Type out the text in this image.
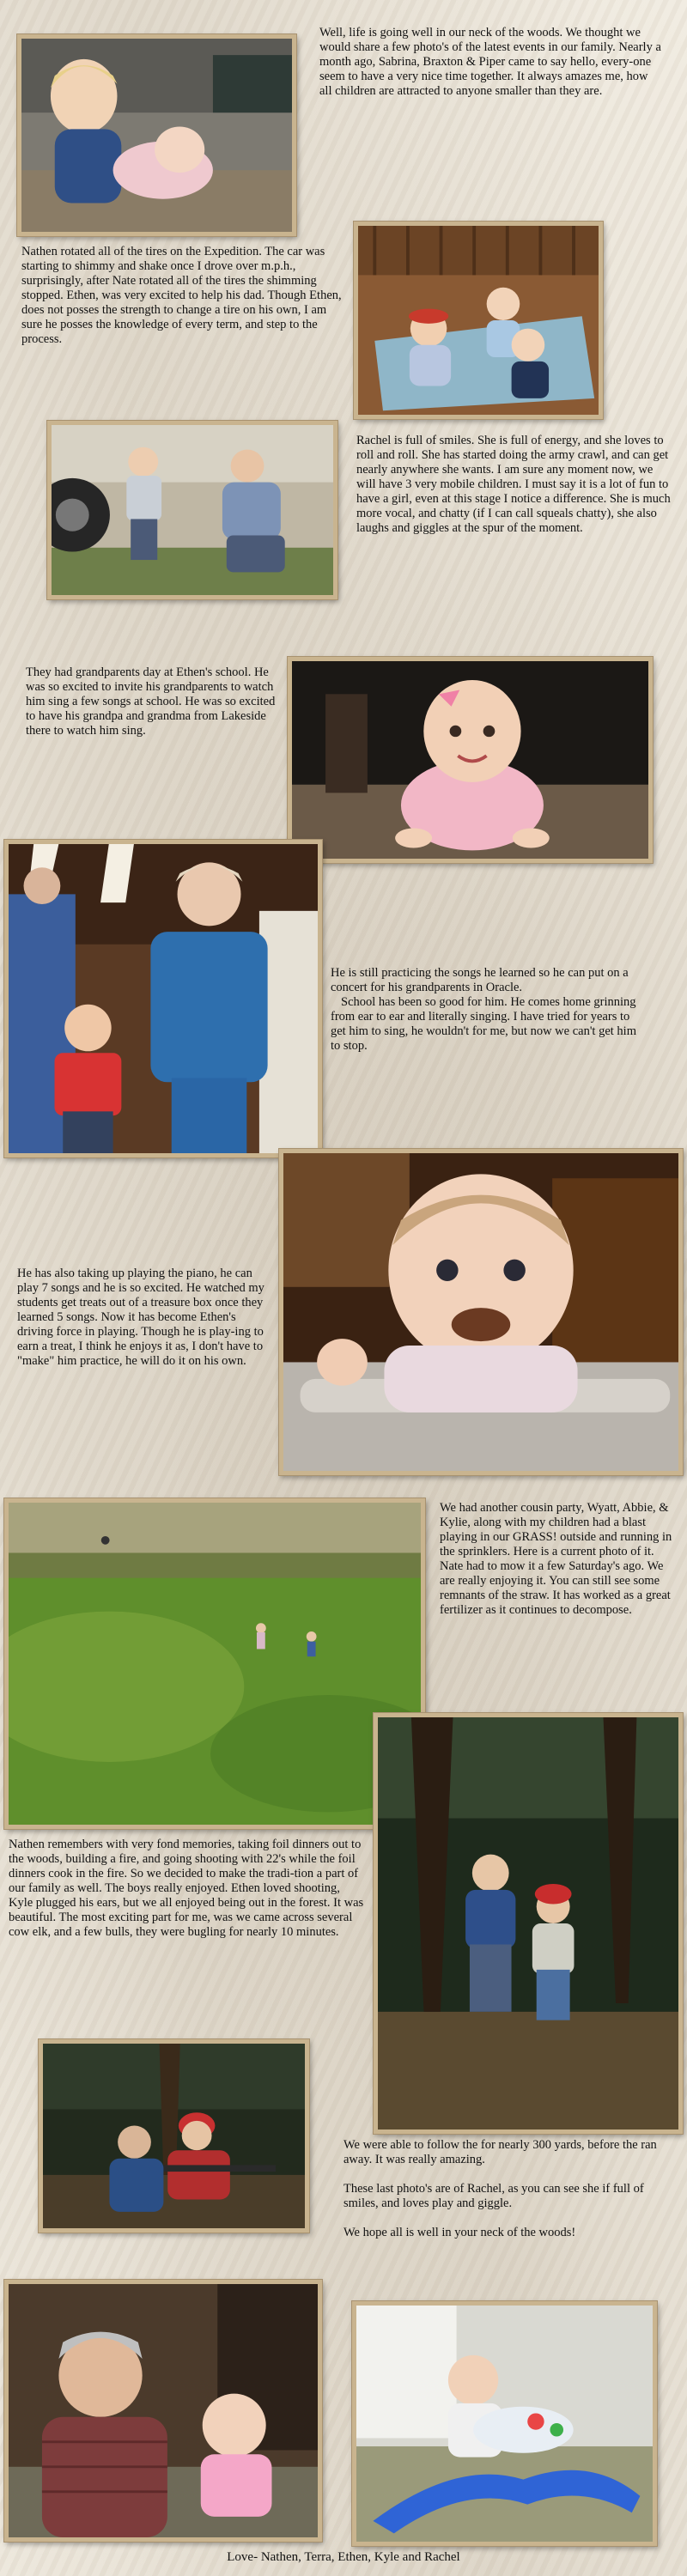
Well, life is going well in our neck of the woods. We thought we would share a few photo's of the latest events in our family. Nearly a month ago, Sabrina, Braxton & Piper came to say hello, every-one seem to have a very nice time together. It always amazes me, how all children are attracted to anyone smaller than they are.

Nathen rotated all of the tires on the Expedition. The car was starting to shimmy and shake once I drove over m.p.h., surprisingly, after Nate rotated all of the tires the shimming stopped. Ethen, was very excited to help his dad. Though Ethen, does not posses the strength to change a tire on his own, I am sure he posses the knowledge of every term, and step to the process.

Rachel is full of smiles. She is full of energy, and she loves to roll and roll. She has started doing the army crawl, and can get nearly anywhere she wants. I am sure any moment now, we will have 3 very mobile children. I must say it is a lot of fun to have a girl, even at this stage I notice a difference. She is much more vocal, and chatty (if I can call squeals chatty), she also laughs and giggles at the spur of the moment.

They had grandparents day at Ethen's school. He was so excited to invite his grandparents to watch him sing a few songs at school. He was so excited to have his grandpa and grandma from Lakeside there to watch him sing.

He is still practicing the songs he learned so he can put on a concert for his grandparents in Oracle.

School has been so good for him. He comes home grinning from ear to ear and literally singing. I have tried for years to get him to sing, he wouldn't for me, but now we can't get him to stop.

He has also taking up playing the piano, he can play 7 songs and he is so excited. He watched my students get treats out of a treasure box once they learned 5 songs. Now it has become Ethen's driving force in playing. Though he is play-ing to earn a treat, I think he enjoys it as, I don't have to "make" him practice, he will do it on his own.

We had another cousin party, Wyatt, Abbie, & Kylie, along with my children had a blast playing in our GRASS! outside and running in the sprinklers. Here is a current photo of it. Nate had to mow it a few Saturday's ago. We are really enjoying it. You can still see some remnants of the straw. It has worked as a great fertilizer as it continues to decompose.

Nathen remembers with very fond memories, taking foil dinners out to the woods, building a fire, and going shooting with 22's while the foil dinners cook in the fire. So we decided to make the tradi-tion a part of our family as well. The boys really enjoyed. Ethen loved shooting, Kyle plugged his ears, but we all enjoyed being out in the forest. It was beautiful. The most exciting part for me, was we came across several cow elk, and a few bulls, they were bugling for nearly 10 minutes.

We were able to follow the for nearly 300 yards, before the ran away. It was really amazing.

These last photo's are of Rachel, as you can see she if full of smiles, and loves play and giggle.

We hope all is well in your neck of the woods!

Love- Nathen, Terra, Ethen, Kyle and Rachel
